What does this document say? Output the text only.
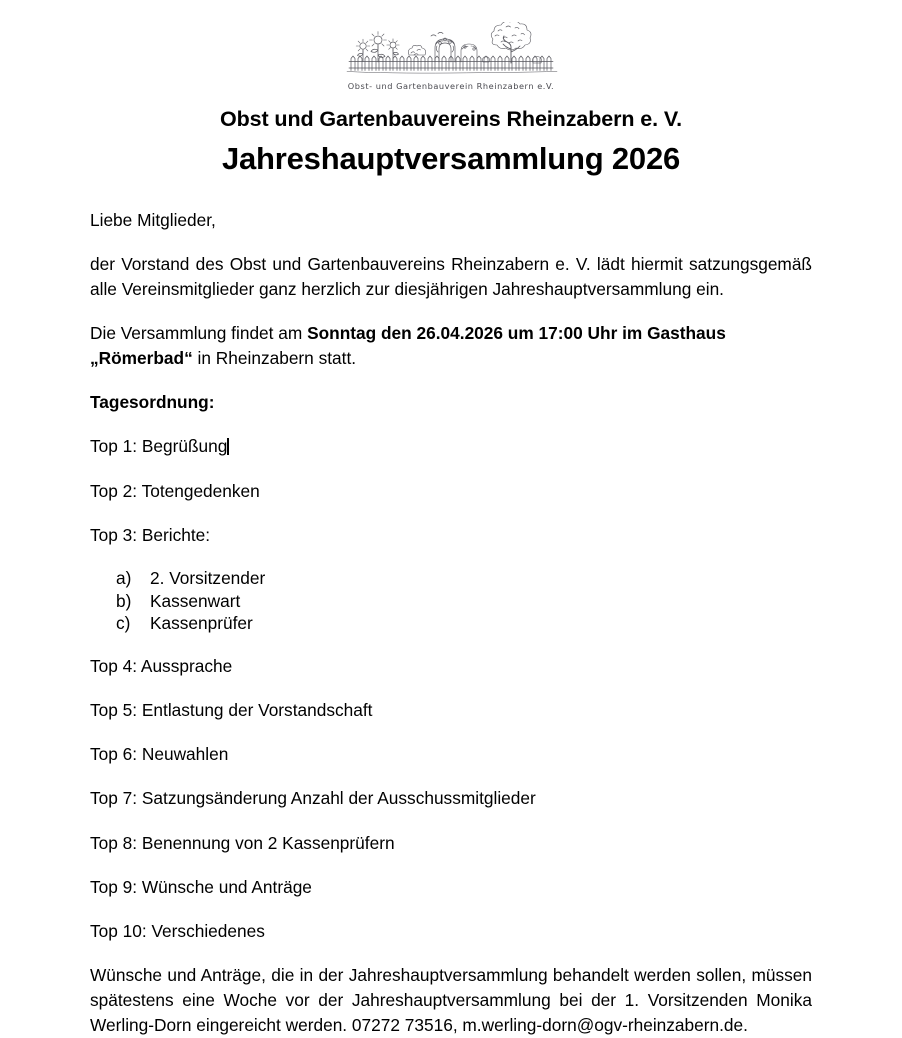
Obst- und Gartenbauverein Rheinzabern e.V.
Obst und Gartenbauvereins Rheinzabern e. V.
Jahreshauptversammlung 2026

Liebe Mitglieder,

der Vorstand des Obst und Gartenbauvereins Rheinzabern e. V. lädt hiermit satzungsgemäß alle Vereinsmitglieder ganz herzlich zur diesjährigen Jahreshauptversammlung ein.

Die Versammlung findet am Sonntag den 26.04.2026 um 17:00 Uhr im Gasthaus „Römerbad“ in Rheinzabern statt.

Tagesordnung:

Top 1: Begrüßung

Top 2: Totengedenken

Top 3: Berichte:

a)	2. Vorsitzender
b)	Kassenwart
c)	Kassenprüfer

Top 4: Aussprache

Top 5: Entlastung der Vorstandschaft

Top 6: Neuwahlen

Top 7: Satzungsänderung Anzahl der Ausschussmitglieder

Top 8: Benennung von 2 Kassenprüfern

Top 9: Wünsche und Anträge

Top 10: Verschiedenes

Wünsche und Anträge, die in der Jahreshauptversammlung behandelt werden sollen, müssen spätestens eine Woche vor der Jahreshauptversammlung bei der 1. Vorsitzenden Monika Werling-Dorn eingereicht werden. 07272 73516, m.werling-dorn@ogv-rheinzabern.de.
